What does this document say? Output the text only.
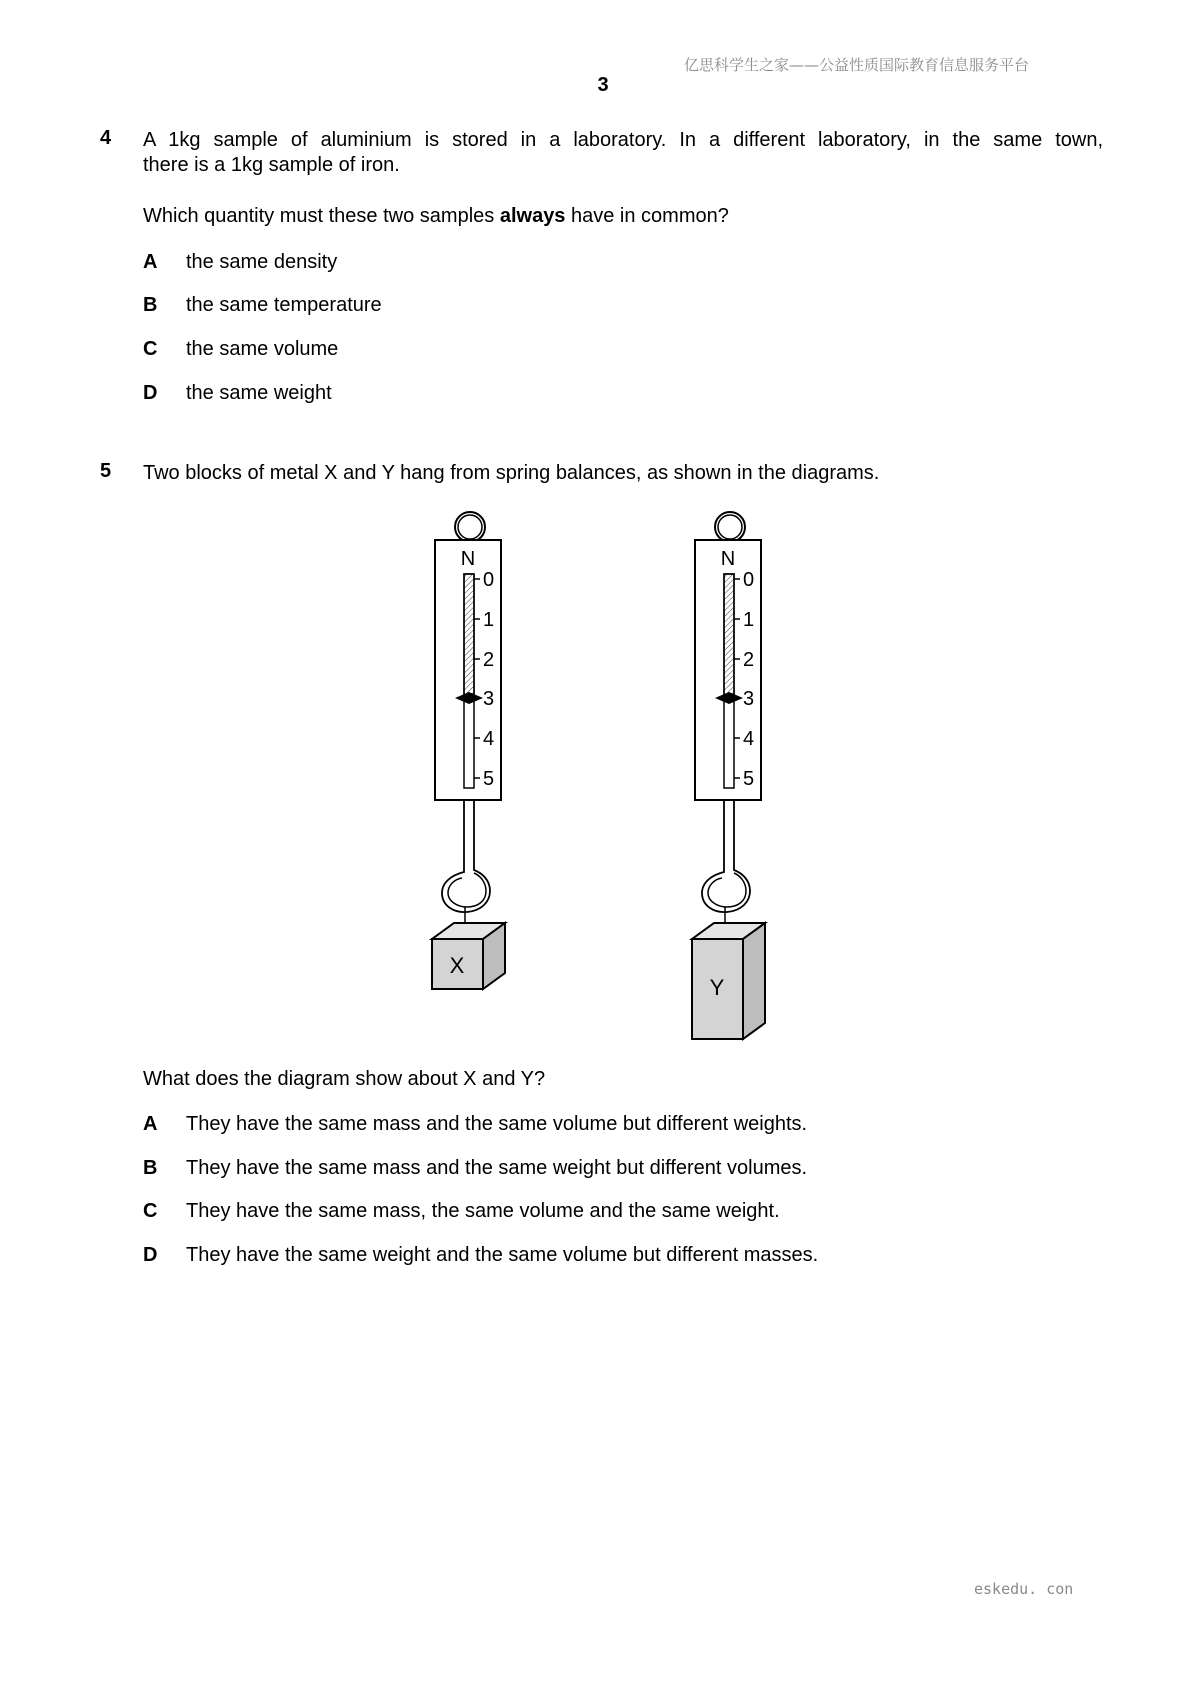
亿思科学生之家——公益性质国际教育信息服务平台
3
4 A 1kg sample of aluminium is stored in a laboratory. In a different laboratory, in the same town,
there is a 1kg sample of iron.
Which quantity must these two samples always have in common?
A the same density
B the same temperature
C the same volume
D the same weight
5 Two blocks of metal X and Y hang from spring balances, as shown in the diagrams.
N
0
1
2
3
4
5
X
N
0
1
2
3
4
5
Y
What does the diagram show about X and Y?
A They have the same mass and the same volume but different weights.
B They have the same mass and the same weight but different volumes.
C They have the same mass, the same volume and the same weight.
D They have the same weight and the same volume but different masses.
eskedu. con
